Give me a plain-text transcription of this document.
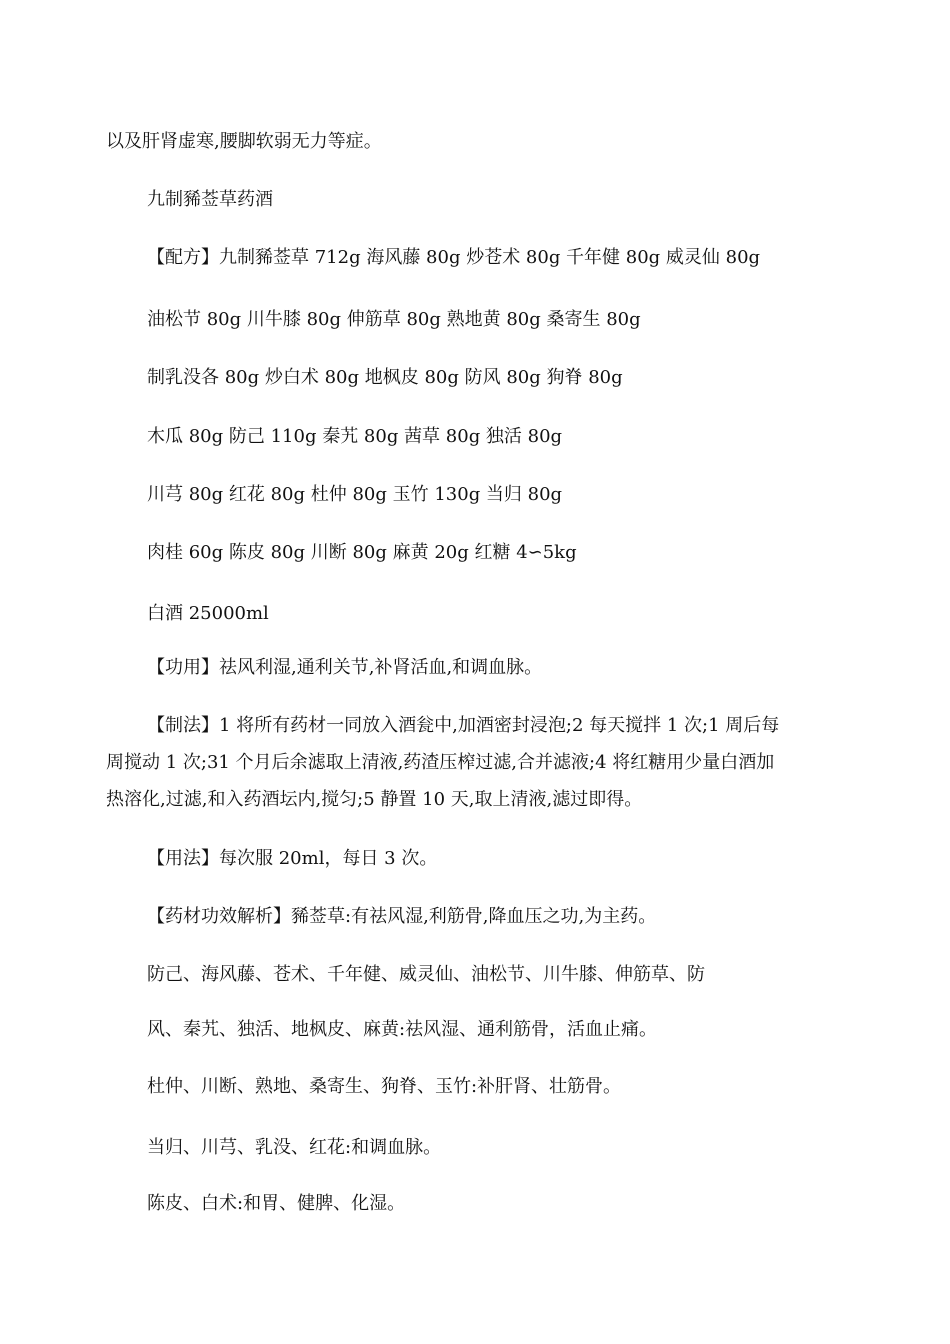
以及肝肾虚寒,腰脚软弱无力等症。

九制豨莶草药酒

【配方】九制豨莶草 712g 海风藤 80g 炒苍术 80g 千年健 80g 威灵仙 80g

油松节 80g 川牛膝 80g 伸筋草 80g 熟地黄 80g 桑寄生 80g

制乳没各 80g 炒白术 80g 地枫皮 80g 防风 80g 狗脊 80g

木瓜 80g 防己 110g 秦艽 80g 茜草 80g 独活 80g

川芎 80g 红花 80g 杜仲 80g 玉竹 130g 当归 80g

肉桂 60g 陈皮 80g 川断 80g 麻黄 20g 红糖 4∽5kg

白酒 25000ml

【功用】祛风利湿,通利关节,补肾活血,和调血脉。

【制法】1 将所有药材一同放入酒瓮中,加酒密封浸泡;2 每天搅拌 1 次;1 周后每

周搅动 1 次;31 个月后余滤取上清液,药渣压榨过滤,合并滤液;4 将红糖用少量白酒加

热溶化,过滤,和入药酒坛内,搅匀;5 静置 10 天,取上清液,滤过即得。

【用法】每次服 20ml，每日 3 次。

【药材功效解析】豨莶草:有祛风湿,利筋骨,降血压之功,为主药。

防己、海风藤、苍术、千年健、威灵仙、油松节、川牛膝、伸筋草、防

风、秦艽、独活、地枫皮、麻黄:祛风湿、通利筋骨，活血止痛。

杜仲、川断、熟地、桑寄生、狗脊、玉竹:补肝肾、壮筋骨。

当归、川芎、乳没、红花:和调血脉。

陈皮、白术:和胃、健脾、化湿。
